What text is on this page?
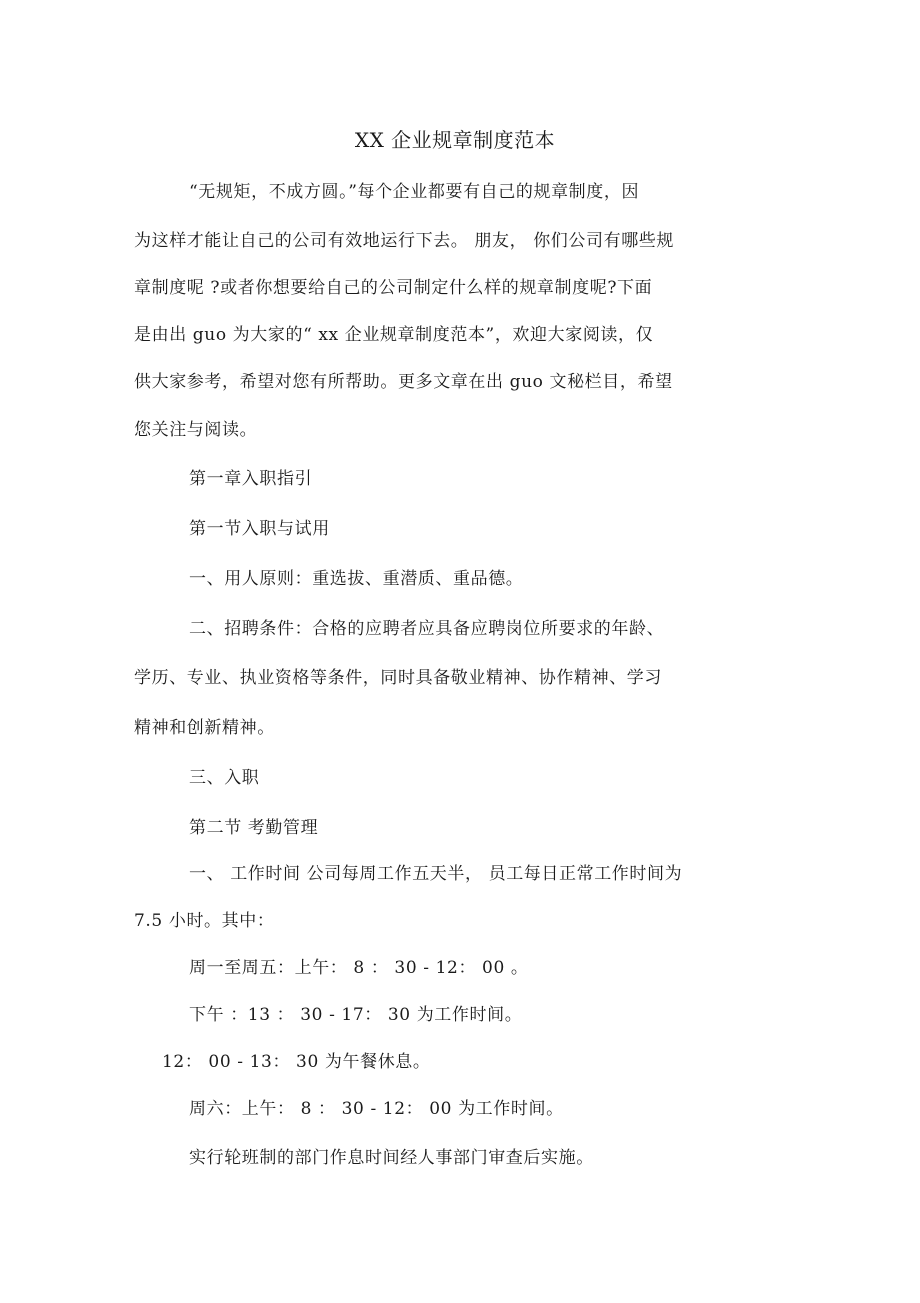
XX 企业规章制度范本
“无规矩，不成方圆。”每个企业都要有自己的规章制度，因
为这样才能让自己的公司有效地运行下去。 朋友， 你们公司有哪些规
章制度呢 ?或者你想要给自己的公司制定什么样的规章制度呢?下面
是由出 guo 为大家的“ xx 企业规章制度范本”，欢迎大家阅读，仅
供大家参考，希望对您有所帮助。更多文章在出 guo 文秘栏目，希望
您关注与阅读。
第一章入职指引
第一节入职与试用
一、用人原则：重选拔、重潜质、重品德。
二、招聘条件：合格的应聘者应具备应聘岗位所要求的年龄、
学历、专业、执业资格等条件，同时具备敬业精神、协作精神、学习
精神和创新精神。
三、入职
第二节 考勤管理
一、 工作时间 公司每周工作五天半， 员工每日正常工作时间为
7.5 小时。其中：
周一至周五：上午： 8 ： 30 - 12： 00 。
下午 ：13 ： 30 - 17： 30 为工作时间。
12： 00 - 13： 30 为午餐休息。
周六：上午： 8 ： 30 - 12： 00 为工作时间。
实行轮班制的部门作息时间经人事部门审查后实施。
